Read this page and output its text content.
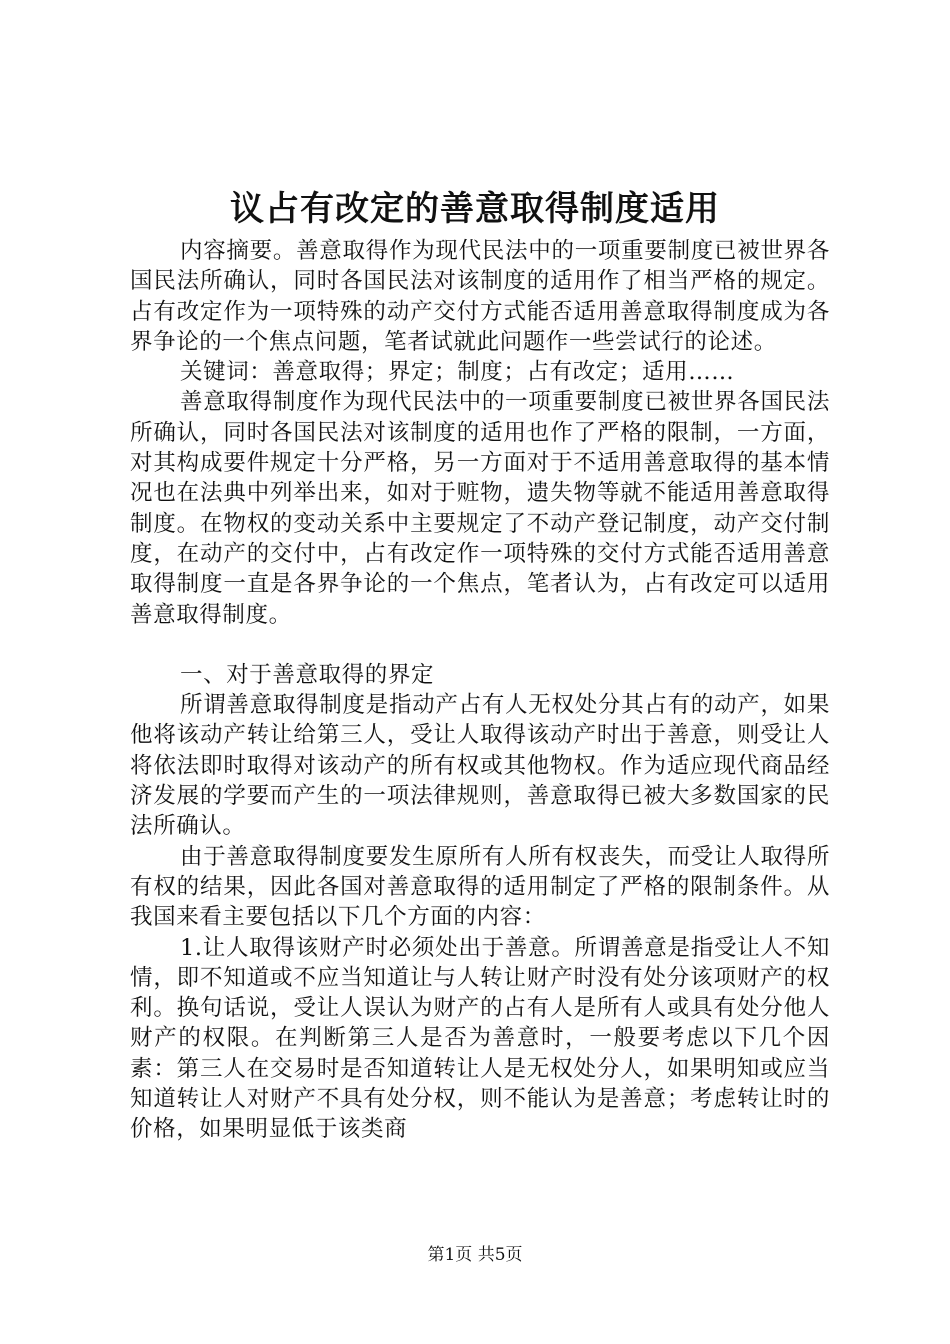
议占有改定的善意取得制度适用

内容摘要。善意取得作为现代民法中的一项重要制度已被世界各国民法所确认，同时各国民法对该制度的适用作了相当严格的规定。占有改定作为一项特殊的动产交付方式能否适用善意取得制度成为各界争论的一个焦点问题，笔者试就此问题作一些尝试行的论述。

关键词：善意取得；界定；制度；占有改定；适用……

善意取得制度作为现代民法中的一项重要制度已被世界各国民法所确认，同时各国民法对该制度的适用也作了严格的限制，一方面，对其构成要件规定十分严格，另一方面对于不适用善意取得的基本情况也在法典中列举出来，如对于赃物，遗失物等就不能适用善意取得制度。在物权的变动关系中主要规定了不动产登记制度，动产交付制度，在动产的交付中，占有改定作一项特殊的交付方式能否适用善意取得制度一直是各界争论的一个焦点，笔者认为，占有改定可以适用善意取得制度。

一、对于善意取得的界定

所谓善意取得制度是指动产占有人无权处分其占有的动产，如果他将该动产转让给第三人，受让人取得该动产时出于善意，则受让人将依法即时取得对该动产的所有权或其他物权。作为适应现代商品经济发展的学要而产生的一项法律规则，善意取得已被大多数国家的民法所确认。

由于善意取得制度要发生原所有人所有权丧失，而受让人取得所有权的结果，因此各国对善意取得的适用制定了严格的限制条件。从我国来看主要包括以下几个方面的内容：

1.让人取得该财产时必须处出于善意。所谓善意是指受让人不知情，即不知道或不应当知道让与人转让财产时没有处分该项财产的权利。换句话说，受让人误认为财产的占有人是所有人或具有处分他人财产的权限。在判断第三人是否为善意时，一般要考虑以下几个因素：第三人在交易时是否知道转让人是无权处分人，如果明知或应当知道转让人对财产不具有处分权，则不能认为是善意；考虑转让时的价格，如果明显低于该类商

第1页 共5页
